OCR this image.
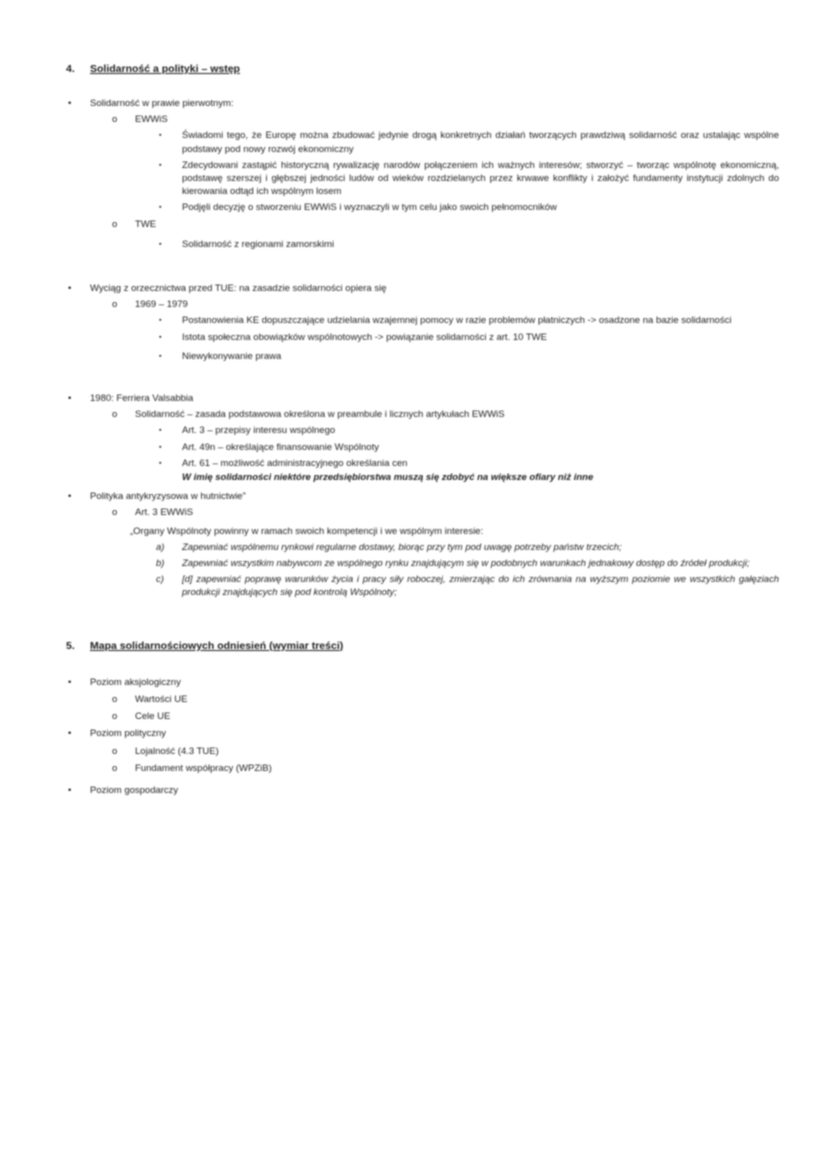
4. Solidarność a polityki – wstęp
• Solidarność w prawie pierwotnym:
o EWWiS
▪ Świadomi tego, że Europę można zbudować jedynie drogą konkretnych działań tworzących prawdziwą solidarność oraz ustalając wspólne podstawy pod nowy rozwój ekonomiczny
▪ Zdecydowani zastąpić historyczną rywalizację narodów połączeniem ich ważnych interesów; stworzyć – tworząc wspólnotę ekonomiczną, podstawę szerszej i głębszej jedności ludów od wieków rozdzielanych przez krwawe konflikty i założyć fundamenty instytucji zdolnych do kierowania odtąd ich wspólnym losem
▪ Podjęli decyzję o stworzeniu EWWiS i wyznaczyli w tym celu jako swoich pełnomocników
o TWE
▪ Solidarność z regionami zamorskimi
• Wyciąg z orzecznictwa przed TUE: na zasadzie solidarności opiera się
o 1969 – 1979
▪ Postanowienia KE dopuszczające udzielania wzajemnej pomocy w razie problemów płatniczych -> osadzone na bazie solidarności
▪ Istota społeczna obowiązków wspólnotowych -> powiązanie solidarności z art. 10 TWE
▪ Niewykonywanie prawa
• 1980: Ferriera Valsabbia
o Solidarność – zasada podstawowa określona w preambule i licznych artykułach EWWiS
▪ Art. 3 – przepisy interesu wspólnego
▪ Art. 49n – określające finansowanie Wspólnoty
▪ Art. 61 – możliwość administracyjnego określania cen
W imię solidarności niektóre przedsiębiorstwa muszą się zdobyć na większe ofiary niż inne
• Polityka antykryzysowa w hutnictwie”
o Art. 3 EWWiS
„Organy Wspólnoty powinny w ramach swoich kompetencji i we wspólnym interesie:
a) Zapewniać wspólnemu rynkowi regularne dostawy, biorąc przy tym pod uwagę potrzeby państw trzecich;
b) Zapewniać wszystkim nabywcom ze wspólnego rynku znajdującym się w podobnych warunkach jednakowy dostęp do źródeł produkcji;
c) [d] zapewniać poprawę warunków życia i pracy siły roboczej, zmierzając do ich zrównania na wyższym poziomie we wszystkich gałęziach produkcji znajdujących się pod kontrolą Wspólnoty;
5. Mapa solidarnościowych odniesień (wymiar treści)
• Poziom aksjologiczny
o Wartości UE
o Cele UE
• Poziom polityczny
o Lojalność (4.3 TUE)
o Fundament współpracy (WPZiB)
• Poziom gospodarczy
